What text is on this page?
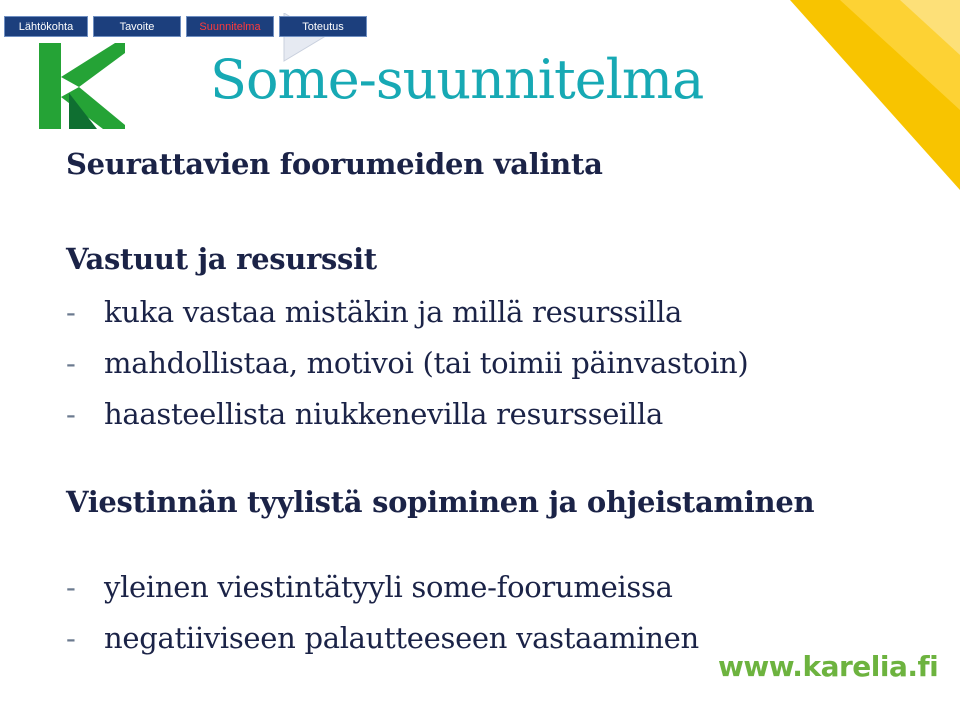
Lähtökohta	Tavoite	Suunnitelma	Toteutus
Some-suunnitelma
Seurattavien foorumeiden valinta
Vastuut ja resurssit
- kuka vastaa mistäkin ja millä resurssilla
- mahdollistaa, motivoi (tai toimii päinvastoin)
- haasteellista niukkenevilla resursseilla
Viestinnän tyylistä sopiminen ja ohjeistaminen
- yleinen viestintätyyli some-foorumeissa
- negatiiviseen palautteeseen vastaaminen
www.karelia.fi
